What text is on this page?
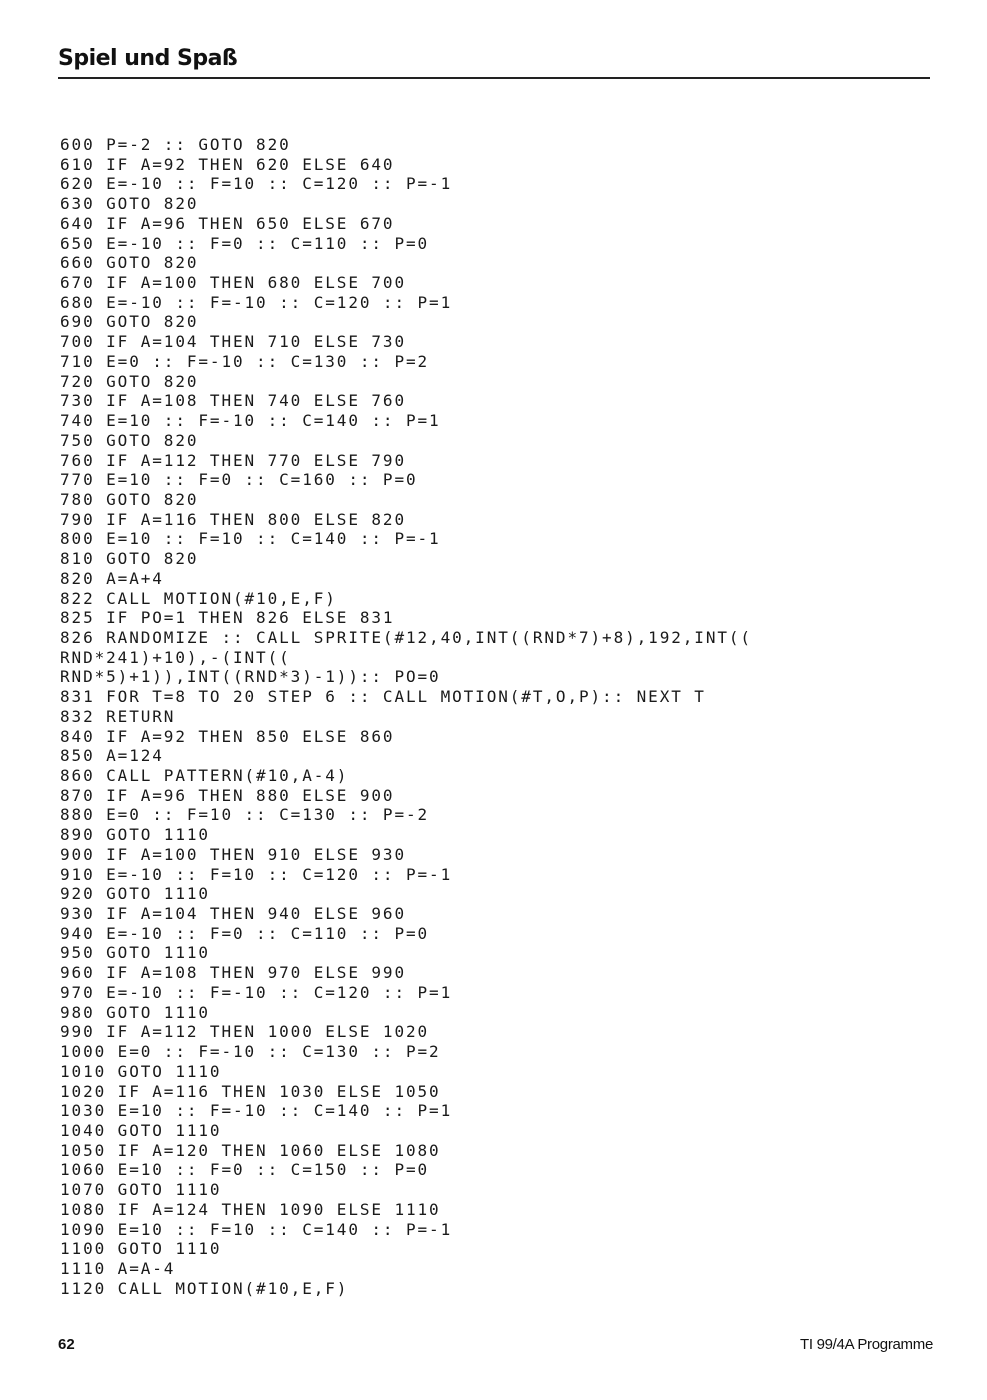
Spiel und Spaß
600 P=-2 :: GOTO 820
610 IF A=92 THEN 620 ELSE 640
620 E=-10 :: F=10 :: C=120 :: P=-1
630 GOTO 820
640 IF A=96 THEN 650 ELSE 670
650 E=-10 :: F=0 :: C=110 :: P=0
660 GOTO 820
670 IF A=100 THEN 680 ELSE 700
680 E=-10 :: F=-10 :: C=120 :: P=1
690 GOTO 820
700 IF A=104 THEN 710 ELSE 730
710 E=0 :: F=-10 :: C=130 :: P=2
720 GOTO 820
730 IF A=108 THEN 740 ELSE 760
740 E=10 :: F=-10 :: C=140 :: P=1
750 GOTO 820
760 IF A=112 THEN 770 ELSE 790
770 E=10 :: F=0 :: C=160 :: P=0
780 GOTO 820
790 IF A=116 THEN 800 ELSE 820
800 E=10 :: F=10 :: C=140 :: P=-1
810 GOTO 820
820 A=A+4
822 CALL MOTION(#10,E,F)
825 IF PO=1 THEN 826 ELSE 831
826 RANDOMIZE :: CALL SPRITE(#12,40,INT((RND*7)+8),192,INT((
RND*241)+10),-(INT((
RND*5)+1)),INT((RND*3)-1)):: PO=0
831 FOR T=8 TO 20 STEP 6 :: CALL MOTION(#T,O,P):: NEXT T
832 RETURN
840 IF A=92 THEN 850 ELSE 860
850 A=124
860 CALL PATTERN(#10,A-4)
870 IF A=96 THEN 880 ELSE 900
880 E=0 :: F=10 :: C=130 :: P=-2
890 GOTO 1110
900 IF A=100 THEN 910 ELSE 930
910 E=-10 :: F=10 :: C=120 :: P=-1
920 GOTO 1110
930 IF A=104 THEN 940 ELSE 960
940 E=-10 :: F=0 :: C=110 :: P=0
950 GOTO 1110
960 IF A=108 THEN 970 ELSE 990
970 E=-10 :: F=-10 :: C=120 :: P=1
980 GOTO 1110
990 IF A=112 THEN 1000 ELSE 1020
1000 E=0 :: F=-10 :: C=130 :: P=2
1010 GOTO 1110
1020 IF A=116 THEN 1030 ELSE 1050
1030 E=10 :: F=-10 :: C=140 :: P=1
1040 GOTO 1110
1050 IF A=120 THEN 1060 ELSE 1080
1060 E=10 :: F=0 :: C=150 :: P=0
1070 GOTO 1110
1080 IF A=124 THEN 1090 ELSE 1110
1090 E=10 :: F=10 :: C=140 :: P=-1
1100 GOTO 1110
1110 A=A-4
1120 CALL MOTION(#10,E,F)
62	TI 99/4A Programme
